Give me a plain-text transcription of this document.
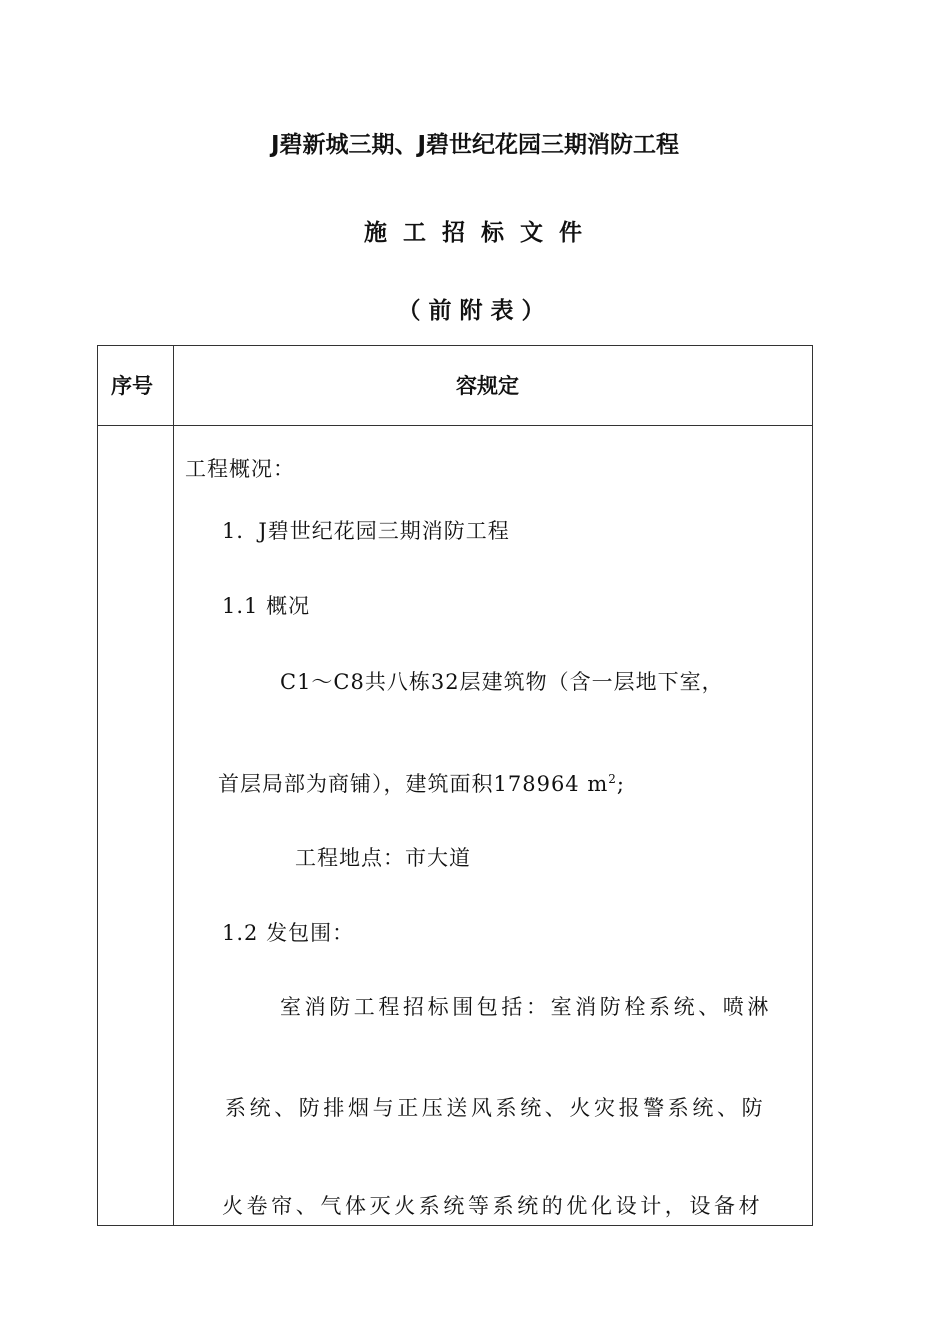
J碧新城三期、J碧世纪花园三期消防工程
施工招标文件
（前附表）
序号	容规定
工程概况：
1．J碧世纪花园三期消防工程
1.1 概况
C1～C8共八栋32层建筑物（含一层地下室，
首层局部为商铺），建筑面积178964 $m^2$;
工程地点：市大道
1.2 发包围：
室消防工程招标围包括：室消防栓系统、喷淋
系统、防排烟与正压送风系统、火灾报警系统、防
火卷帘、气体灭火系统等系统的优化设计，设备材
